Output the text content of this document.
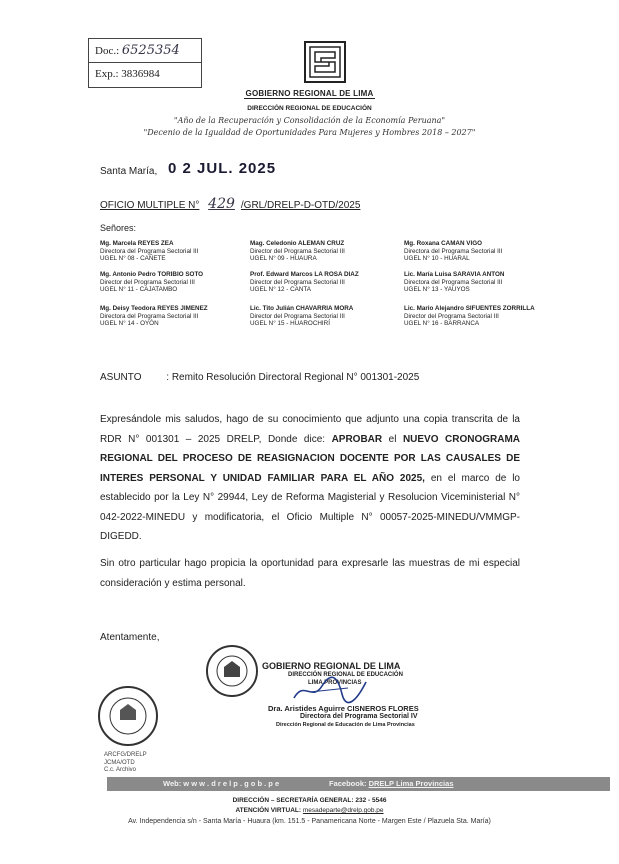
Doc.: 6525354
Exp.: 3836984
GOBIERNO REGIONAL DE LIMA
DIRECCIÓN REGIONAL DE EDUCACIÓN
"Año de la Recuperación y Consolidación de la Economía Peruana"
"Decenio de la Igualdad de Oportunidades Para Mujeres y Hombres 2018 – 2027"
Santa María, 0 2 JUL. 2025
OFICIO MULTIPLE N° 429 /GRL/DRELP-D-OTD/2025
Señores:
Mg. Marcela REYES ZEA
Directora del Programa Sectorial III
UGEL N° 08 - CAÑETE
Mag. Celedonio ALEMAN CRUZ
Director del Programa Sectorial III
UGEL N° 09 - HUAURA
Mg. Roxana CAMAN VIGO
Directora del Programa Sectorial III
UGEL N° 10 - HUARAL
Mg. Antonio Pedro TORIBIO SOTO
Director del Programa Sectorial III
UGEL N° 11 - CAJATAMBO
Prof. Edward Marcos LA ROSA DIAZ
Director del Programa Sectorial III
UGEL N° 12 - CANTA
Lic. María Luisa SARAVIA ANTON
Directora del Programa Sectorial III
UGEL N° 13 - YAUYOS
Mg. Deisy Teodora REYES JIMENEZ
Directora del Programa Sectorial III
UGEL N° 14 - OYÓN
Lic. Tito Julián CHAVARRIA MORA
Director del Programa Sectorial III
UGEL N° 15 - HUAROCHIRÍ
Lic. Mario Alejandro SIFUENTES ZORRILLA
Director del Programa Sectorial III
UGEL N° 16 - BARRANCA
ASUNTO : Remito Resolución Directoral Regional N° 001301-2025
Expresándole mis saludos, hago de su conocimiento que adjunto una copia transcrita de la RDR N° 001301 – 2025 DRELP, Donde dice: APROBAR el NUEVO CRONOGRAMA REGIONAL DEL PROCESO DE REASIGNACION DOCENTE POR LAS CAUSALES DE INTERES PERSONAL Y UNIDAD FAMILIAR PARA EL AÑO 2025, en el marco de lo establecido por la Ley N° 29944, Ley de Reforma Magisterial y Resolucion Viceministerial N° 042-2022-MINEDU y modificatoria, el Oficio Multiple N° 00057-2025-MINEDU/VMMGP-DIGEDD.
Sin otro particular hago propicia la oportunidad para expresarle las muestras de mi especial consideración y estima personal.
Atentamente,
GOBIERNO REGIONAL DE LIMA
DIRECCIÓN REGIONAL DE EDUCACIÓN
LIMA PROVINCIAS
Dra. Aristides Aguirre CISNEROS FLORES
Directora del Programa Sectorial IV
Dirección Regional de Educación de Lima Provincias
ARCFG/DRELP
JCMA/OTD
C.c. Archivo
Web: w w w . d r e l p . g o b . p e	Facebook: DRELP Lima Provincias
DIRECCIÓN – SECRETARÍA GENERAL: 232 - 5546
ATENCIÓN VIRTUAL: mesadeparte@drelp.gob.pe
Av. Independencia s/n - Santa María - Huaura (km. 151.5 - Panamericana Norte - Margen Este / Plazuela Sta. María)
